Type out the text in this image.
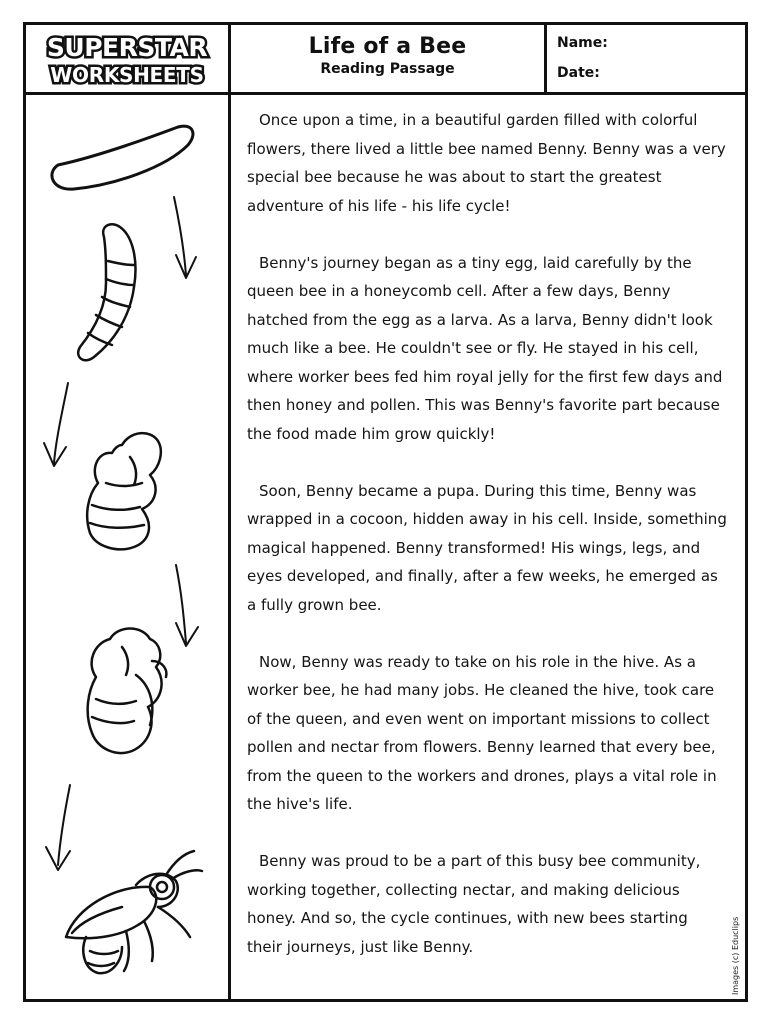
SUPERSTAR
WORKSHEETS
Life of a Bee
Reading Passage
Name:
Date:

Once upon a time, in a beautiful garden filled with colorful flowers, there lived a little bee named Benny. Benny was a very special bee because he was about to start the greatest adventure of his life - his life cycle!

Benny's journey began as a tiny egg, laid carefully by the queen bee in a honeycomb cell. After a few days, Benny hatched from the egg as a larva. As a larva, Benny didn't look much like a bee. He couldn't see or fly. He stayed in his cell, where worker bees fed him royal jelly for the first few days and then honey and pollen. This was Benny's favorite part because the food made him grow quickly!

Soon, Benny became a pupa. During this time, Benny was wrapped in a cocoon, hidden away in his cell. Inside, something magical happened. Benny transformed! His wings, legs, and eyes developed, and finally, after a few weeks, he emerged as a fully grown bee.

Now, Benny was ready to take on his role in the hive. As a worker bee, he had many jobs. He cleaned the hive, took care of the queen, and even went on important missions to collect pollen and nectar from flowers. Benny learned that every bee, from the queen to the workers and drones, plays a vital role in the hive's life.

Benny was proud to be a part of this busy bee community, working together, collecting nectar, and making delicious honey. And so, the cycle continues, with new bees starting their journeys, just like Benny.	Images (c) Educlips
